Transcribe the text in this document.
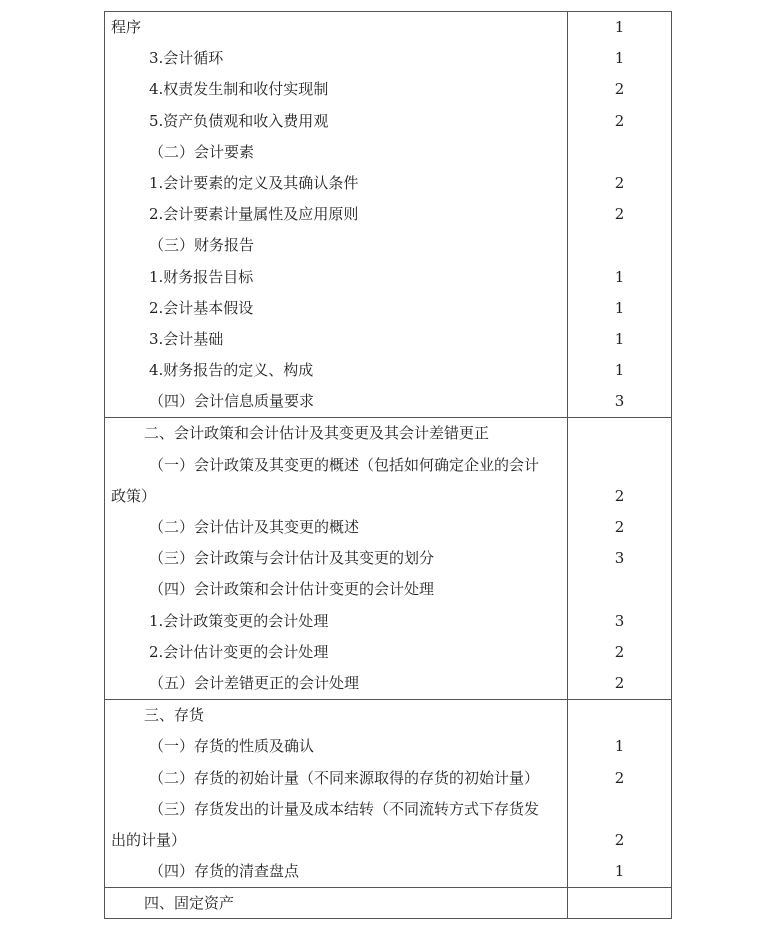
程序
3.会计循环
4.权责发生制和收付实现制
5.资产负债观和收入费用观
（二）会计要素
1.会计要素的定义及其确认条件
2.会计要素计量属性及应用原则
（三）财务报告
1.财务报告目标
2.会计基本假设
3.会计基础
4.财务报告的定义、构成
（四）会计信息质量要求
1
1
2
2
2
2
1
1
1
1
3
二、会计政策和会计估计及其变更及其会计差错更正
（一）会计政策及其变更的概述（包括如何确定企业的会计
政策）
（二）会计估计及其变更的概述
（三）会计政策与会计估计及其变更的划分
（四）会计政策和会计估计变更的会计处理
1.会计政策变更的会计处理
2.会计估计变更的会计处理
（五）会计差错更正的会计处理
2
2
3
3
2
2
三、存货
（一）存货的性质及确认
（二）存货的初始计量（不同来源取得的存货的初始计量）
（三）存货发出的计量及成本结转（不同流转方式下存货发
出的计量）
（四）存货的清查盘点
1
2
2
1
四、固定资产
